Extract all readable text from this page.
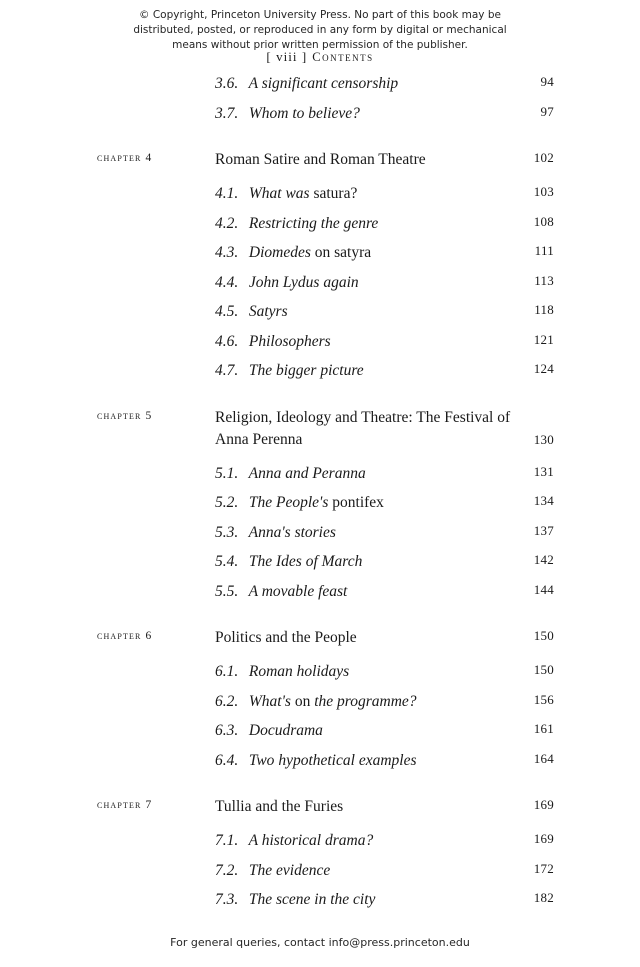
© Copyright, Princeton University Press. No part of this book may be
distributed, posted, or reproduced in any form by digital or mechanical
means without prior written permission of the publisher.
[ viii ] Contents
3.6. A significant censorship	94
3.7. Whom to believe?	97
chapter 4	Roman Satire and Roman Theatre	102
4.1. What was satura?	103
4.2. Restricting the genre	108
4.3. Diomedes on satyra	111
4.4. John Lydus again	113
4.5. Satyrs	118
4.6. Philosophers	121
4.7. The bigger picture	124
chapter 5	Religion, Ideology and Theatre: The Festival of Anna Perenna	130
5.1. Anna and Peranna	131
5.2. The People's pontifex	134
5.3. Anna's stories	137
5.4. The Ides of March	142
5.5. A movable feast	144
chapter 6	Politics and the People	150
6.1. Roman holidays	150
6.2. What's on the programme?	156
6.3. Docudrama	161
6.4. Two hypothetical examples	164
chapter 7	Tullia and the Furies	169
7.1. A historical drama?	169
7.2. The evidence	172
7.3. The scene in the city	182
For general queries, contact info@press.princeton.edu
